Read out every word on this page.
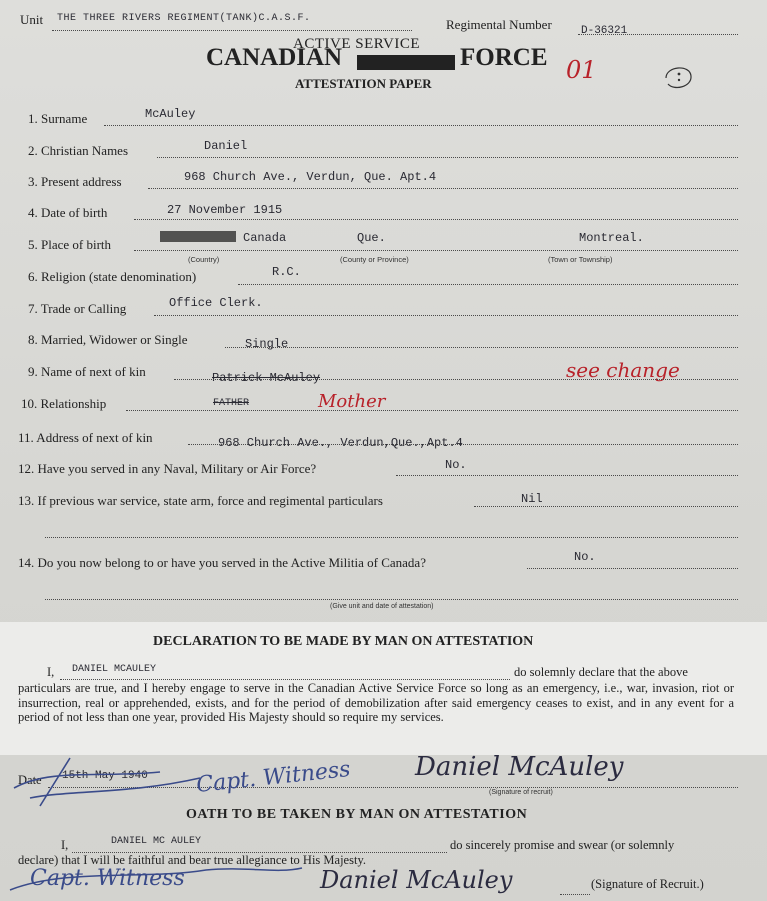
Unit THE THREE RIVERS REGIMENT(TANK)C.A.S.F.	Regimental Number	D-36321
ACTIVE SERVICE
CANADIAN	FORCE
ATTESTATION PAPER	01
1. Surname	McAuley
2. Christian Names	Daniel
3. Present address	968 Church Ave., Verdun, Que. Apt.4
4. Date of birth	27 November 1915
5. Place of birth	Canada	Que.	Montreal.
(Country)	(County or Province)	(Town or Township)
6. Religion (state denomination)	R.C.
7. Trade or Calling	Office Clerk.
8. Married, Widower or Single	Single
9. Name of next of kin	Patrick McAuley	see change
10. Relationship	FATHER	Mother
11. Address of next of kin	968 Church Ave., Verdun,Que.,Apt.4
12. Have you served in any Naval, Military or Air Force?	No.
13. If previous war service, state arm, force and regimental particulars	Nil
14. Do you now belong to or have you served in the Active Militia of Canada?	No.
(Give unit and date of attestation)
DECLARATION TO BE MADE BY MAN ON ATTESTATION
I, DANIEL MCAULEY	do solemnly declare that the above
particulars are true, and I hereby engage to serve in the Canadian Active Service Force so long as an emergency, i.e., war, invasion, riot or insurrection, real or apprehended, exists, and for the period of demobilization after said emergency ceases to exist, and in any event for a period of not less than one year, provided His Majesty should so require my services.
Date 15th May 1940 Capt. Witness Daniel McAuley
(Signature of recruit)
OATH TO BE TAKEN BY MAN ON ATTESTATION
I,	DANIEL MC AULEY	do sincerely promise and swear (or solemnly
declare) that I will be faithful and bear true allegiance to His Majesty.
Capt. Witness	Daniel McAuley	(Signature of Recruit.)
